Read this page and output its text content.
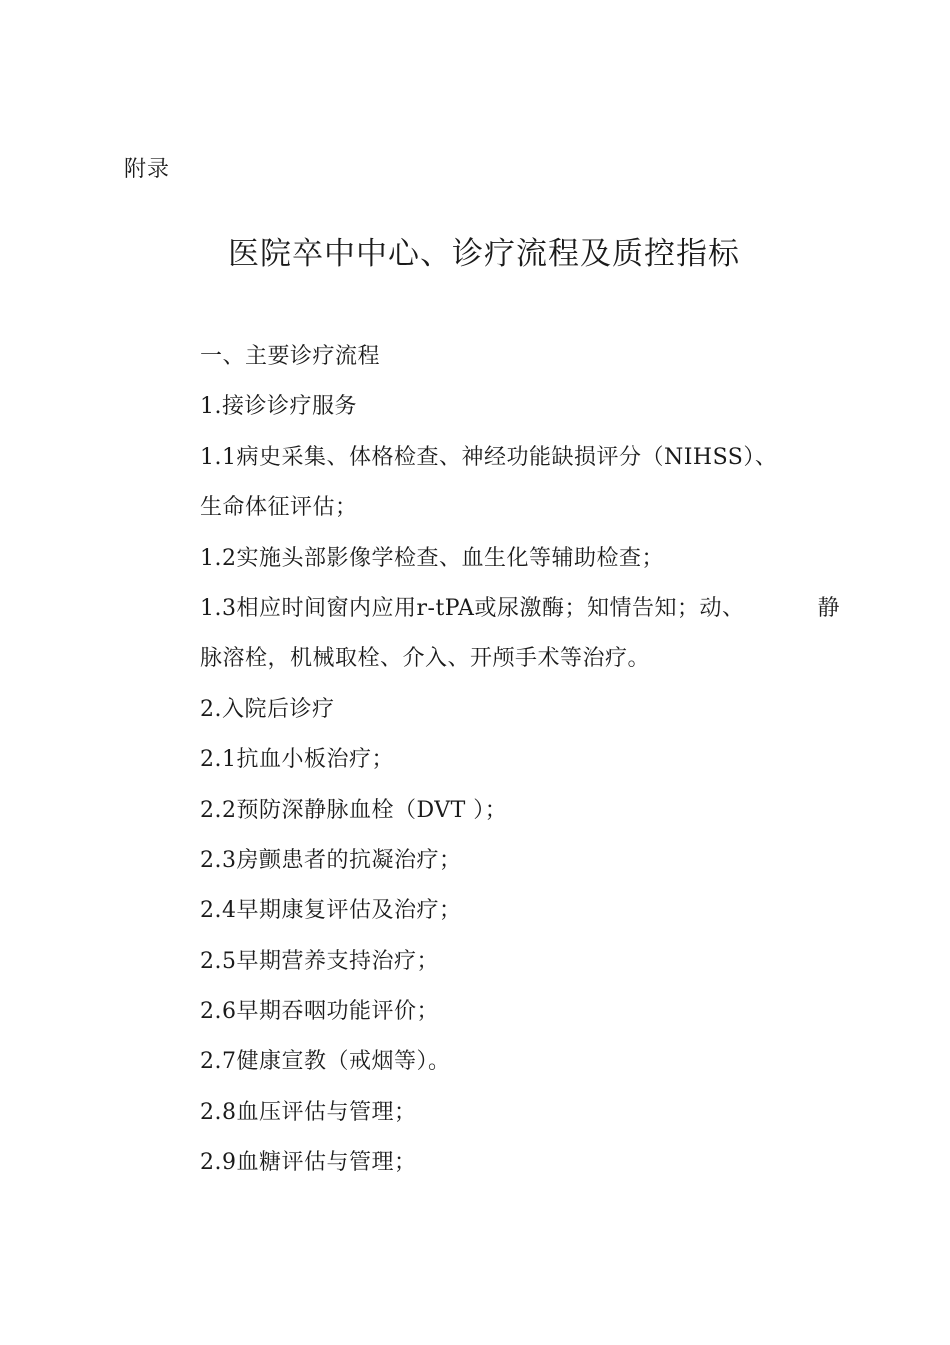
附录
医院卒中中心、诊疗流程及质控指标
一、主要诊疗流程
1.接诊诊疗服务
1.1病史采集、体格检查、神经功能缺损评分（NIHSS）、
生命体征评估；
1.2实施头部影像学检查、血生化等辅助检查；
1.3相应时间窗内应用r-tPA或尿激酶；知情告知；动、	静
脉溶栓，机械取栓、介入、开颅手术等治疗。
2.入院后诊疗
2.1抗血小板治疗；
2.2预防深静脉血栓（DVT ）；
2.3房颤患者的抗凝治疗；
2.4早期康复评估及治疗；
2.5早期营养支持治疗；
2.6早期吞咽功能评价；
2.7健康宣教（戒烟等）。
2.8血压评估与管理；
2.9血糖评估与管理；
